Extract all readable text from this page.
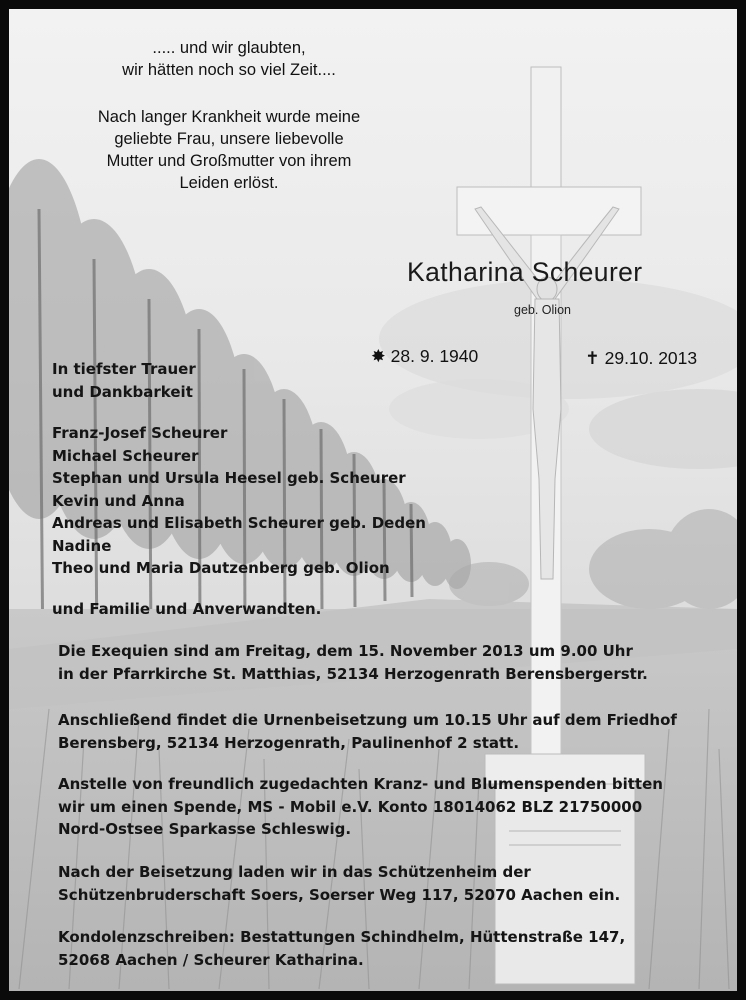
..... und wir glaubten,
wir hätten noch so viel Zeit....

Nach langer Krankheit wurde meine
geliebte Frau, unsere liebevolle
Mutter und Großmutter von ihrem
Leiden erlöst.

Katharina Scheurer
geb. Olion
✸ 28. 9. 1940	✝ 29.10. 2013
In tiefster Trauer
und Dankbarkeit
Franz-Josef Scheurer
Michael Scheurer
Stephan und Ursula Heesel geb. Scheurer
Kevin und Anna
Andreas und Elisabeth Scheurer geb. Deden
Nadine
Theo und Maria Dautzenberg geb. Olion
und Familie und Anverwandten.
Die Exequien sind am Freitag, dem 15. November 2013 um 9.00 Uhr
in der Pfarrkirche St. Matthias, 52134 Herzogenrath Berensbergerstr.
Anschließend findet die Urnenbeisetzung um 10.15 Uhr auf dem Friedhof
Berensberg, 52134 Herzogenrath, Paulinenhof 2 statt.
Anstelle von freundlich zugedachten Kranz- und Blumenspenden bitten
wir um einen Spende, MS - Mobil e.V. Konto 18014062 BLZ 21750000
Nord-Ostsee Sparkasse Schleswig.
Nach der Beisetzung laden wir in das Schützenheim der
Schützenbruderschaft Soers, Soerser Weg 117, 52070 Aachen ein.
Kondolenzschreiben: Bestattungen Schindhelm, Hüttenstraße 147,
52068 Aachen / Scheurer Katharina.
